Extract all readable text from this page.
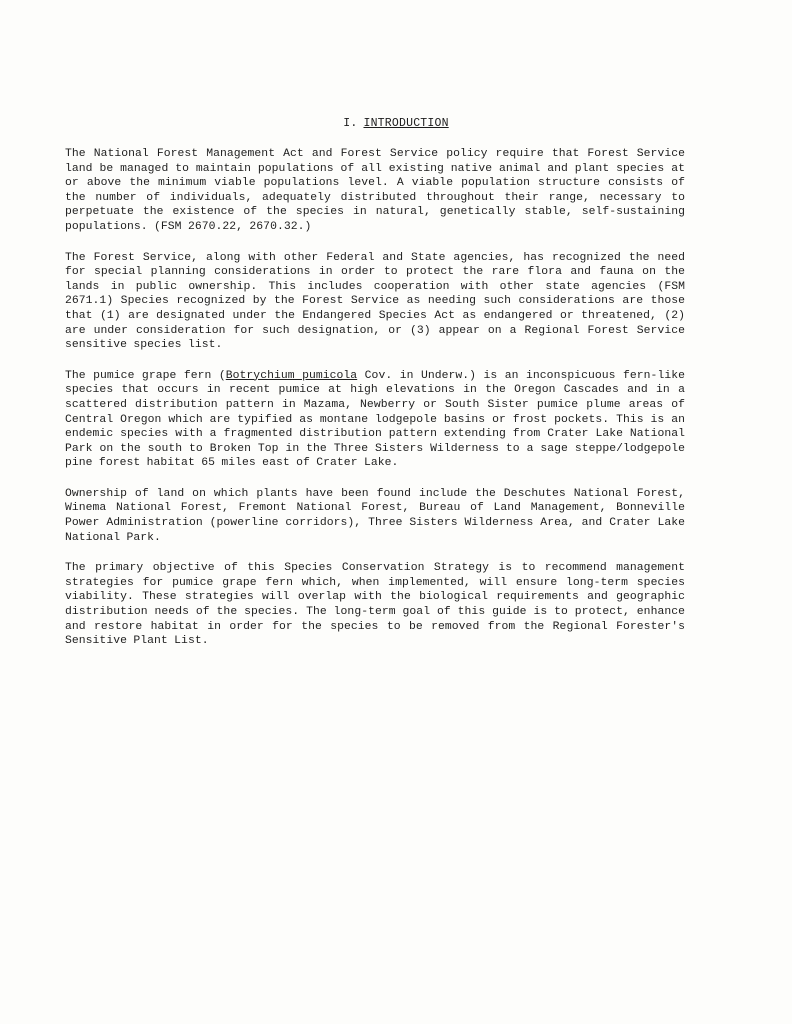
I. INTRODUCTION

The National Forest Management Act and Forest Service policy require that Forest Service land be managed to maintain populations of all existing native animal and plant species at or above the minimum viable populations level. A viable population structure consists of the number of individuals, adequately distributed throughout their range, necessary to perpetuate the existence of the species in natural, genetically stable, self-sustaining populations. (FSM 2670.22, 2670.32.)

The Forest Service, along with other Federal and State agencies, has recognized the need for special planning considerations in order to protect the rare flora and fauna on the lands in public ownership. This includes cooperation with other state agencies (FSM 2671.1) Species recognized by the Forest Service as needing such considerations are those that (1) are designated under the Endangered Species Act as endangered or threatened, (2) are under consideration for such designation, or (3) appear on a Regional Forest Service sensitive species list.

The pumice grape fern (Botrychium pumicola Cov. in Underw.) is an inconspicuous fern-like species that occurs in recent pumice at high elevations in the Oregon Cascades and in a scattered distribution pattern in Mazama, Newberry or South Sister pumice plume areas of Central Oregon which are typified as montane lodgepole basins or frost pockets. This is an endemic species with a fragmented distribution pattern extending from Crater Lake National Park on the south to Broken Top in the Three Sisters Wilderness to a sage steppe/lodgepole pine forest habitat 65 miles east of Crater Lake.

Ownership of land on which plants have been found include the Deschutes National Forest, Winema National Forest, Fremont National Forest, Bureau of Land Management, Bonneville Power Administration (powerline corridors), Three Sisters Wilderness Area, and Crater Lake National Park.

The primary objective of this Species Conservation Strategy is to recommend management strategies for pumice grape fern which, when implemented, will ensure long-term species viability. These strategies will overlap with the biological requirements and geographic distribution needs of the species. The long-term goal of this guide is to protect, enhance and restore habitat in order for the species to be removed from the Regional Forester's Sensitive Plant List.
